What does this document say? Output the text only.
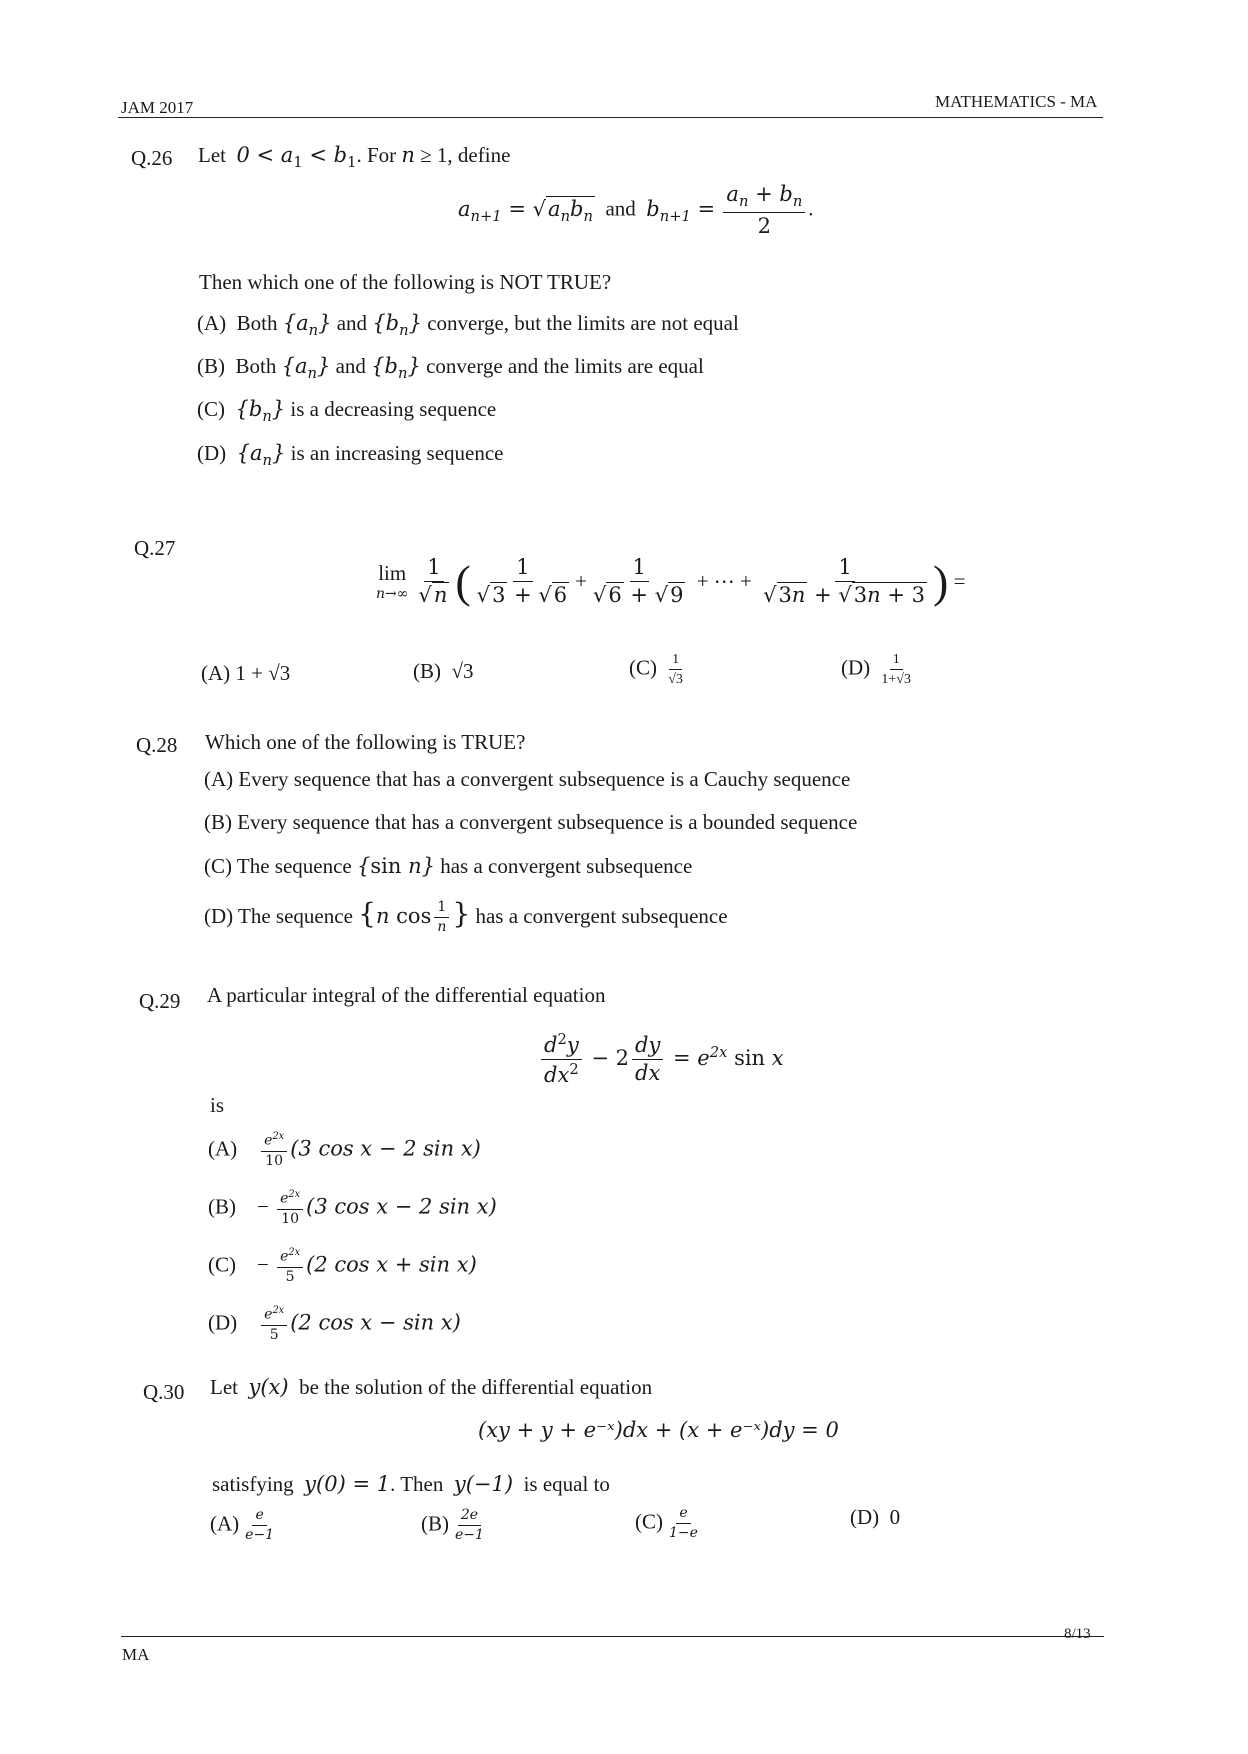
JAM 2017	MATHEMATICS - MA
Q.26 Let $0 < a_1 < b_1$. For n ≥ 1, define
$a_{n+1} = √a_nb_n$ and $b_{n+1} = \frac{a_n + b_n}{2}$ .
Then which one of the following is NOT TRUE?
(A) Both $\{a_n\}$ and $\{b_n\}$ converge, but the limits are not equal
(B) Both $\{a_n\}$ and $\{b_n\}$ converge and the limits are equal
(C) $\{b_n\}$ is a decreasing sequence
(D) $\{a_n\}$ is an increasing sequence
Q.27
lim
$n\to\infty \frac{1}{√n}$ ( $\frac{1}{√3 + √6} + \frac{1}{√6 + √9}$ + ⋯ + $\frac{1}{√3n + √3n + 3}$ ) =
(A) 1 + √3	(B) √3	$(C) \frac{1}{√3}$	$(D) \frac{1}{1+√3}$
Q.28 Which one of the following is TRUE?
(A) Every sequence that has a convergent subsequence is a Cauchy sequence
(B) Every sequence that has a convergent subsequence is a bounded sequence
(C) The sequence {sin n} has a convergent subsequence
(D) The sequence {n $\cos \frac{1}{n}$ } has a convergent subsequence
Q.29 A particular integral of the differential equation
$\frac{d^2y}{dx^2} - 2 \frac{dy}{dx} = e^{2x}$ sin x
is
$(A) \frac{e^{2x}}{10} (3$ cos x − 2 sin x)
$(B) - \frac{e^{2x}}{10} (3$ cos x − 2 sin x)
$(C) - \frac{e^{2x}}{5} (2$ cos x + sin x)
$(D) \frac{e^{2x}}{5} (2$ cos x − sin x)
Q.30 Let y(x) be the solution of the differential equation
(xy + y + e⁻ˣ)dx + (x + e⁻ˣ)dy = 0
satisfying y(0) = 1. Then y(−1) is equal to
$(A) \frac{e}{e-1}$	$(B) \frac{2e}{e-1}$	$(C) \frac{e}{1-e}$	(D) 0
MA
8/13
